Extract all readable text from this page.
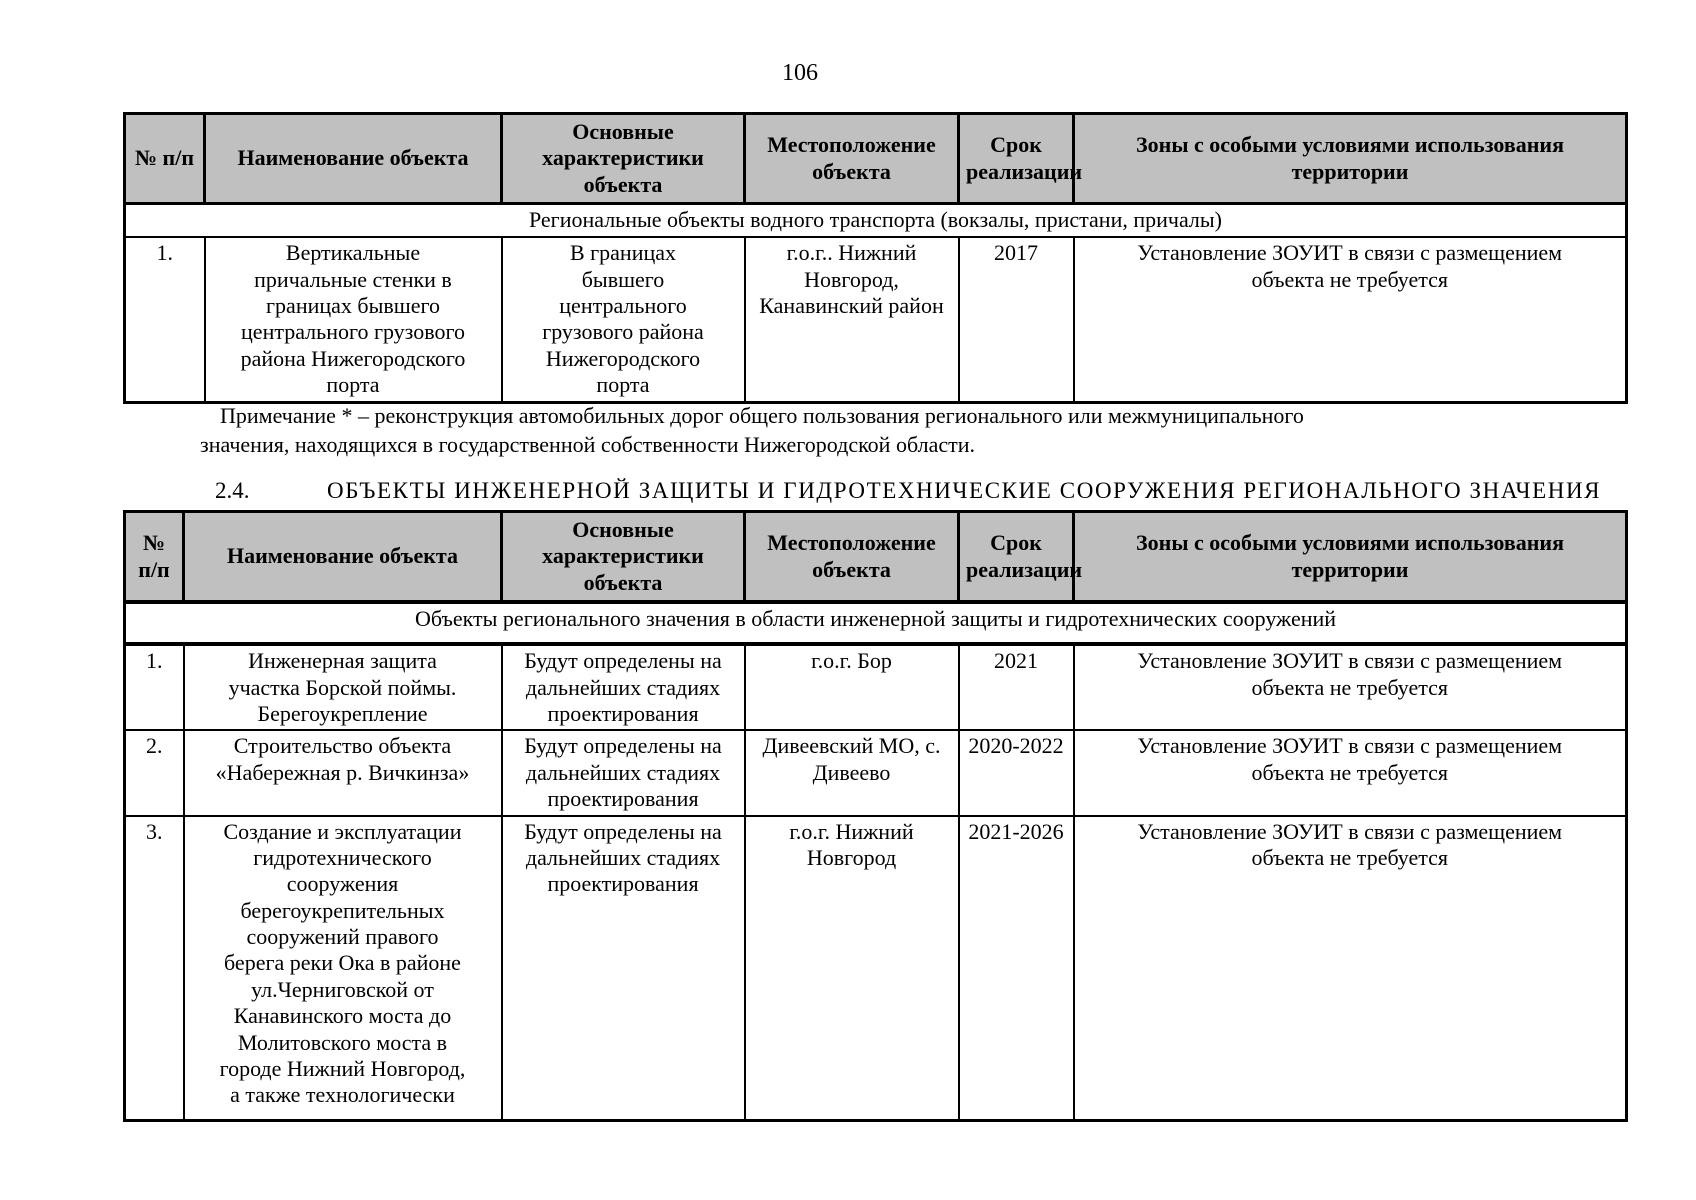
106
№ п/п	Наименование объекта	Основные характеристики объекта	Местоположение объекта	Срок реализации	Зоны с особыми условиями использования территории
Региональные объекты водного транспорта (вокзалы, пристани, причалы)					
1.	Вертикальные причальные стенки в границах бывшего центрального грузового района Нижегородского порта	В границах бывшего центрального грузового района Нижегородского порта	г.о.г.. Нижний Новгород, Канавинский район	2017	Установление ЗОУИТ в связи с размещением объекта не требуется
Примечание * – реконструкция автомобильных дорог общего пользования регионального или межмуниципального значения, находящихся в государственной собственности Нижегородской области.
2.4.	ОБЪЕКТЫ ИНЖЕНЕРНОЙ ЗАЩИТЫ И ГИДРОТЕХНИЧЕСКИЕ СООРУЖЕНИЯ РЕГИОНАЛЬНОГО ЗНАЧЕНИЯ
№ п/п	Наименование объекта	Основные характеристики объекта	Местоположение объекта	Срок реализации	Зоны с особыми условиями использования территории
Объекты регионального значения в области инженерной защиты и гидротехнических сооружений					
1.	Инженерная защита участка Борской поймы. Берегоукрепление	Будут определены на дальнейших стадиях проектирования	г.о.г. Бор	2021	Установление ЗОУИТ в связи с размещением объекта не требуется

2.	Строительство объекта «Набережная р. Вичкинза»	Будут определены на дальнейших стадиях проектирования	Дивеевский МО, с. Дивеево	2020-2022	Установление ЗОУИТ в связи с размещением объекта не требуется

3.	Создание и эксплуатации гидротехнического сооружения берегоукрепительных сооружений правого берега реки Ока в районе ул.Черниговской от Канавинского моста до Молитовского моста в городе Нижний Новгород, а также технологически	Будут определены на дальнейших стадиях проектирования	г.о.г. Нижний Новгород	2021-2026	Установление ЗОУИТ в связи с размещением объекта не требуется
